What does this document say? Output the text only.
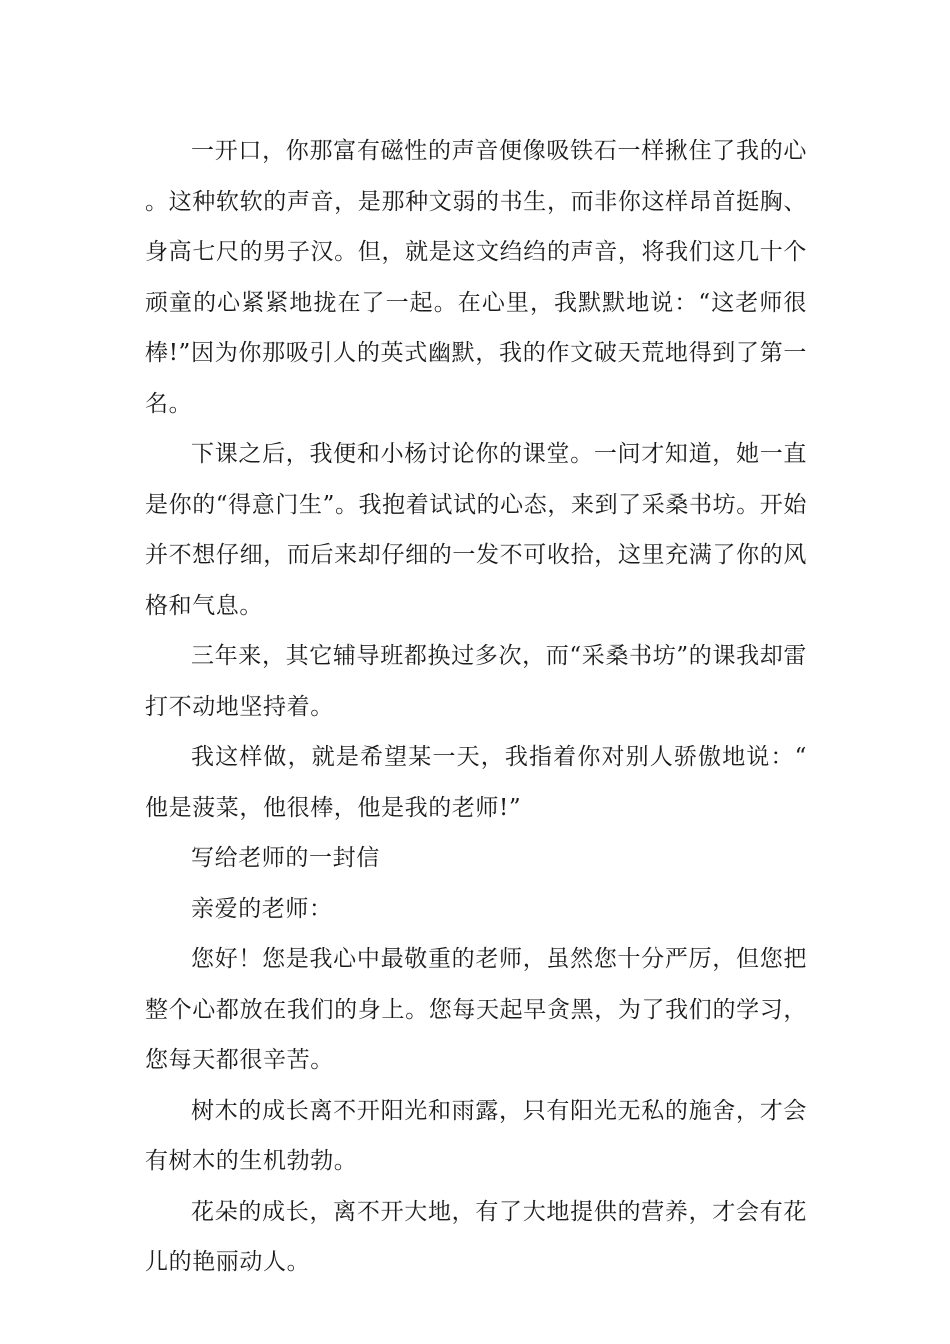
一开口，你那富有磁性的声音便像吸铁石一样揪住了我的心。这种软软的声音，是那种文弱的书生，而非你这样昂首挺胸、身高七尺的男子汉。但，就是这文绉绉的声音，将我们这几十个顽童的心紧紧地拢在了一起。在心里，我默默地说：“这老师很棒!”因为你那吸引人的英式幽默，我的作文破天荒地得到了第一名。

下课之后，我便和小杨讨论你的课堂。一问才知道，她一直是你的“得意门生”。我抱着试试的心态，来到了采桑书坊。开始并不想仔细，而后来却仔细的一发不可收拾，这里充满了你的风格和气息。

三年来，其它辅导班都换过多次，而“采桑书坊”的课我却雷打不动地坚持着。

我这样做，就是希望某一天，我指着你对别人骄傲地说：“他是菠菜，他很棒，他是我的老师!”

写给老师的一封信

亲爱的老师：

您好！您是我心中最敬重的老师，虽然您十分严厉，但您把整个心都放在我们的身上。您每天起早贪黑，为了我们的学习，您每天都很辛苦。

树木的成长离不开阳光和雨露，只有阳光无私的施舍，才会有树木的生机勃勃。

花朵的成长，离不开大地，有了大地提供的营养，才会有花儿的艳丽动人。
